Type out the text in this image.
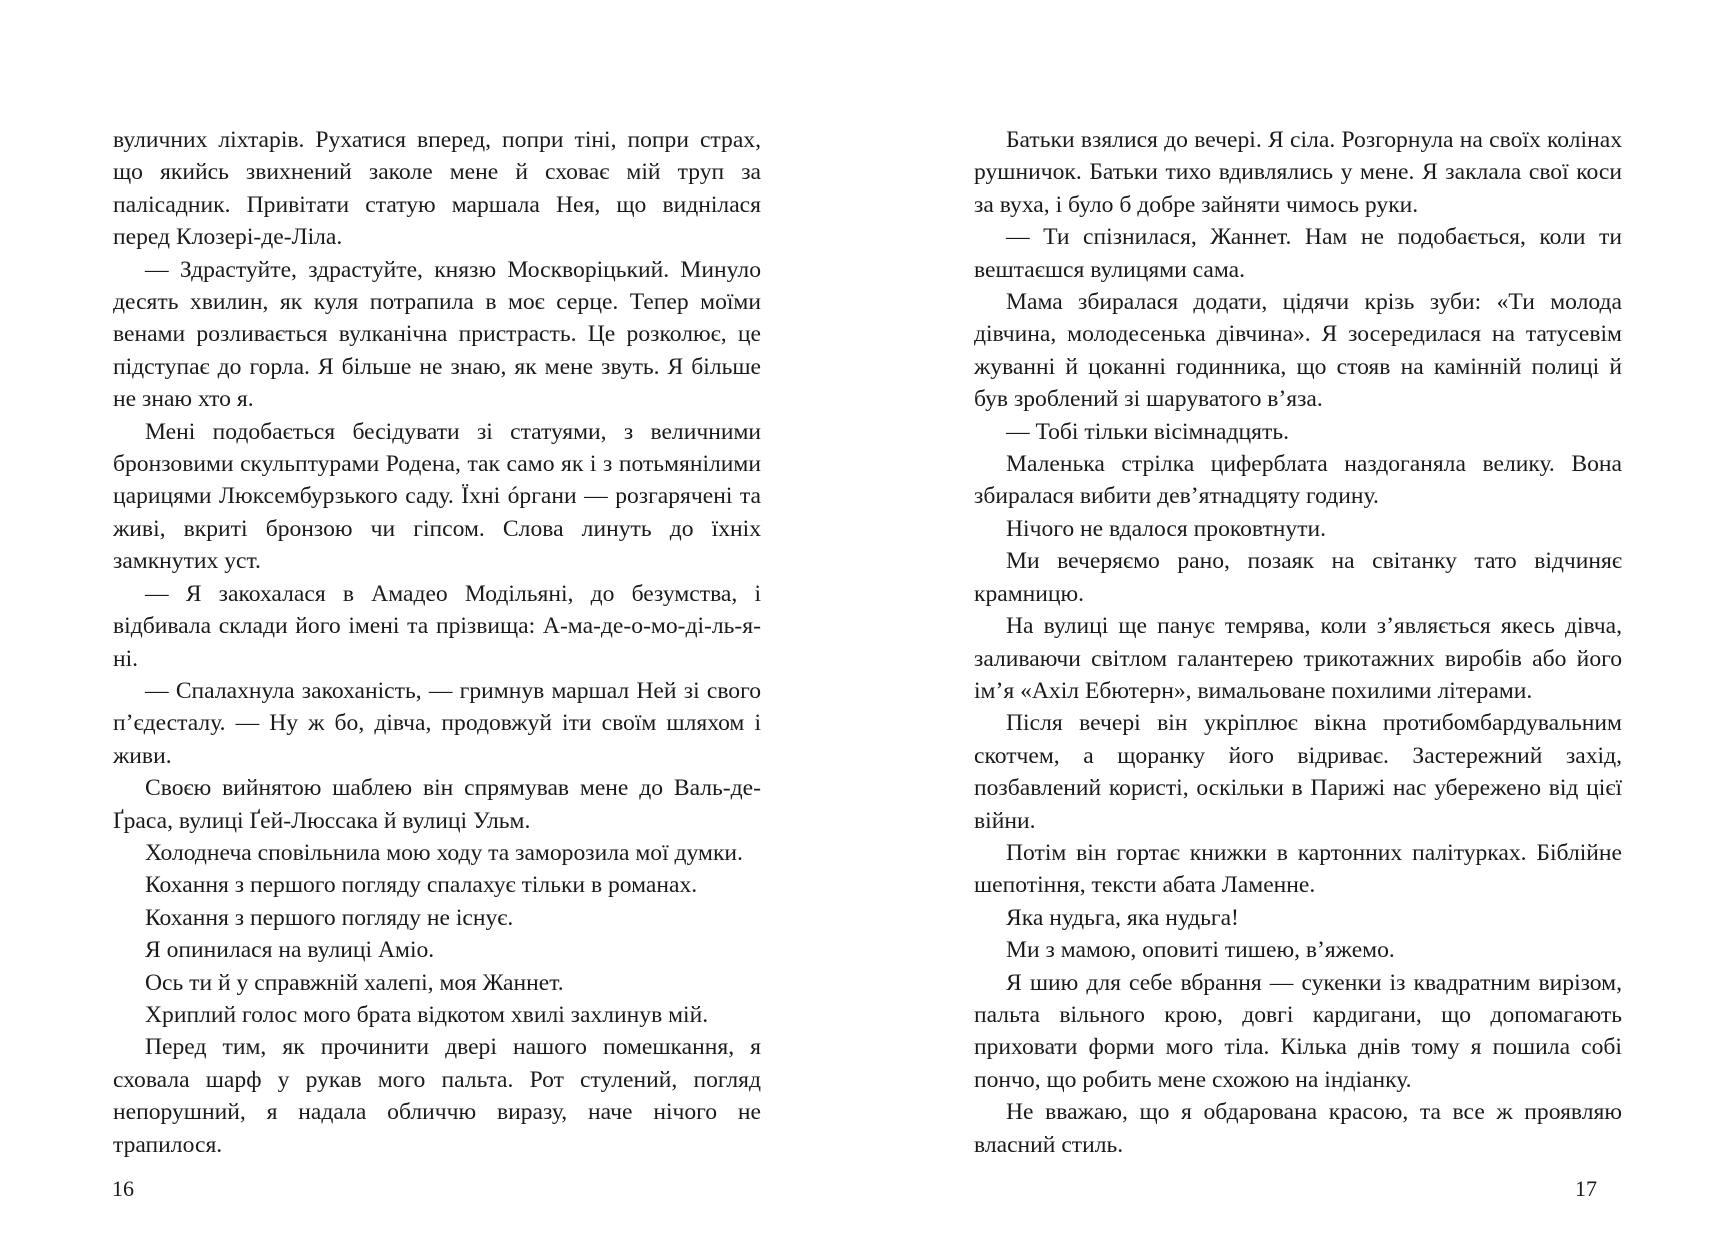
вуличних ліхтарів. Рухатися вперед, попри тіні, попри страх, що якийсь звихнений заколе мене й сховає мій труп за палісадник. Привітати статую маршала Нея, що виднілася перед Клозері-де-Ліла.

— Здрастуйте, здрастуйте, князю Москворіцький. Минуло десять хвилин, як куля потрапила в моє серце. Тепер моїми венами розливається вулканічна пристрасть. Це розколює, це підступає до горла. Я більше не знаю, як мене звуть. Я більше не знаю хто я.

Мені подобається бесідувати зі статуями, з величними бронзовими скульптурами Родена, так само як і з потьмянілими царицями Люксембурзького саду. Їхні óргани — розгарячені та живі, вкриті бронзою чи гіпсом. Слова линуть до їхніх замкнутих уст.

— Я закохалася в Амадео Модільяні, до безумства, і відбивала склади його імені та прізвища: А-ма-де-о-мо-ді-ль-я-ні.

— Спалахнула закоханість, — гримнув маршал Ней зі свого п’єдесталу. — Ну ж бо, дівча, продовжуй іти своїм шляхом і живи.

Своєю вийнятою шаблею він спрямував мене до Валь-де-Ґраса, вулиці Ґей-Люссака й вулиці Ульм.

Холоднеча сповільнила мою ходу та заморозила мої думки.

Кохання з першого погляду спалахує тільки в романах.

Кохання з першого погляду не існує.

Я опинилася на вулиці Аміо.

Ось ти й у справжній халепі, моя Жаннет.

Хриплий голос мого брата відкотом хвилі захлинув мій.

Перед тим, як прочинити двері нашого помешкання, я сховала шарф у рукав мого пальта. Рот стулений, погляд непорушний, я надала обличчю виразу, наче нічого не трапилося.

16

Батьки взялися до вечері. Я сіла. Розгорнула на своїх колінах рушничок. Батьки тихо вдивлялись у мене. Я заклала свої коси за вуха, і було б добре зайняти чимось руки.

— Ти спізнилася, Жаннет. Нам не подобається, коли ти вештаєшся вулицями сама.

Мама збиралася додати, цідячи крізь зуби: «Ти молода дівчина, молодесенька дівчина». Я зосередилася на татусевім жуванні й цоканні годинника, що стояв на камінній полиці й був зроблений зі шаруватого в’яза.

— Тобі тільки вісімнадцять.

Маленька стрілка циферблата наздоганяла велику. Вона збиралася вибити дев’ятнадцяту годину.

Нічого не вдалося проковтнути.

Ми вечеряємо рано, позаяк на світанку тато відчиняє крамницю.

На вулиці ще панує темрява, коли з’являється якесь дівча, заливаючи світлом галантерею трикотажних виробів або його ім’я «Ахіл Ебютерн», вимальоване похилими літерами.

Після вечері він укріплює вікна протибомбардувальним скотчем, а щоранку його відриває. Застережний захід, позбавлений користі, оскільки в Парижі нас убережено від цієї війни.

Потім він гортає книжки в картонних палітурках. Біблійне шепотіння, тексти абата Ламенне.

Яка нудьга, яка нудьга!

Ми з мамою, оповиті тишею, в’яжемо.

Я шию для себе вбрання — сукенки із квадратним вирізом, пальта вільного крою, довгі кардигани, що допомагають приховати форми мого тіла. Кілька днів тому я пошила собі пончо, що робить мене схожою на індіанку.

Не вважаю, що я обдарована красою, та все ж проявляю власний стиль.

17
